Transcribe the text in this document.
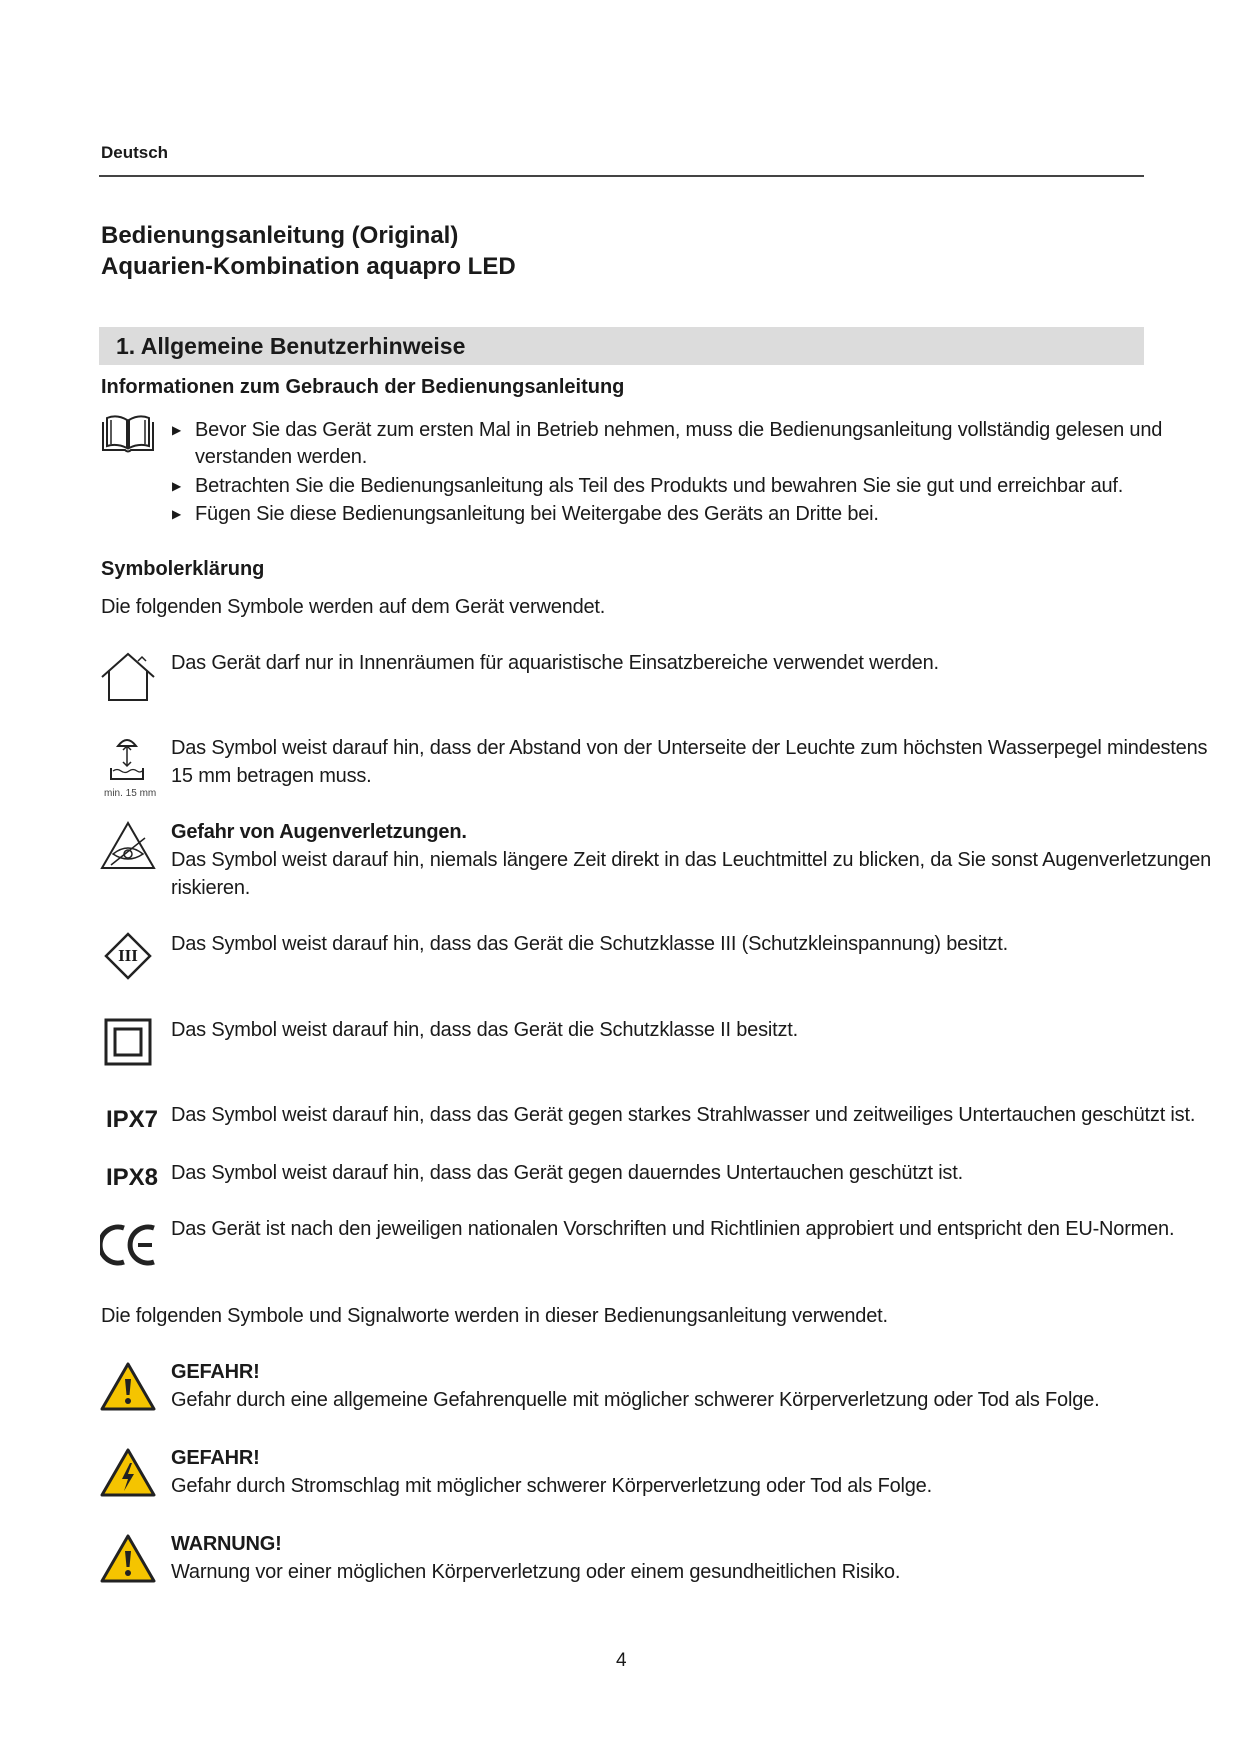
Deutsch
Bedienungsanleitung (Original)
Aquarien-Kombination aquapro LED
1. Allgemeine Benutzerhinweise
Informationen zum Gebrauch der Bedienungsanleitung
▶ Bevor Sie das Gerät zum ersten Mal in Betrieb nehmen, muss die Bedienungsanleitung vollständig gelesen und
verstanden werden.
▶ Betrachten Sie die Bedienungsanleitung als Teil des Produkts und bewahren Sie sie gut und erreichbar auf.
▶ Fügen Sie diese Bedienungsanleitung bei Weitergabe des Geräts an Dritte bei.
Symbolerklärung
Die folgenden Symbole werden auf dem Gerät verwendet.
Das Gerät darf nur in Innenräumen für aquaristische Einsatzbereiche verwendet werden.
min. 15 mm
Das Symbol weist darauf hin, dass der Abstand von der Unterseite der Leuchte zum höchsten Wasserpegel mindestens
15 mm betragen muss.
Gefahr von Augenverletzungen.
Das Symbol weist darauf hin, niemals längere Zeit direkt in das Leuchtmittel zu blicken, da Sie sonst Augenverletzungen
riskieren.
III
Das Symbol weist darauf hin, dass das Gerät die Schutzklasse III (Schutzkleinspannung) besitzt.
Das Symbol weist darauf hin, dass das Gerät die Schutzklasse II besitzt.
IPX7 Das Symbol weist darauf hin, dass das Gerät gegen starkes Strahlwasser und zeitweiliges Untertauchen geschützt ist.
IPX8 Das Symbol weist darauf hin, dass das Gerät gegen dauerndes Untertauchen geschützt ist.
Das Gerät ist nach den jeweiligen nationalen Vorschriften und Richtlinien approbiert und entspricht den EU-Normen.
Die folgenden Symbole und Signalworte werden in dieser Bedienungsanleitung verwendet.
GEFAHR!
Gefahr durch eine allgemeine Gefahrenquelle mit möglicher schwerer Körperverletzung oder Tod als Folge.
GEFAHR!
Gefahr durch Stromschlag mit möglicher schwerer Körperverletzung oder Tod als Folge.
WARNUNG!
Warnung vor einer möglichen Körperverletzung oder einem gesundheitlichen Risiko.
4
